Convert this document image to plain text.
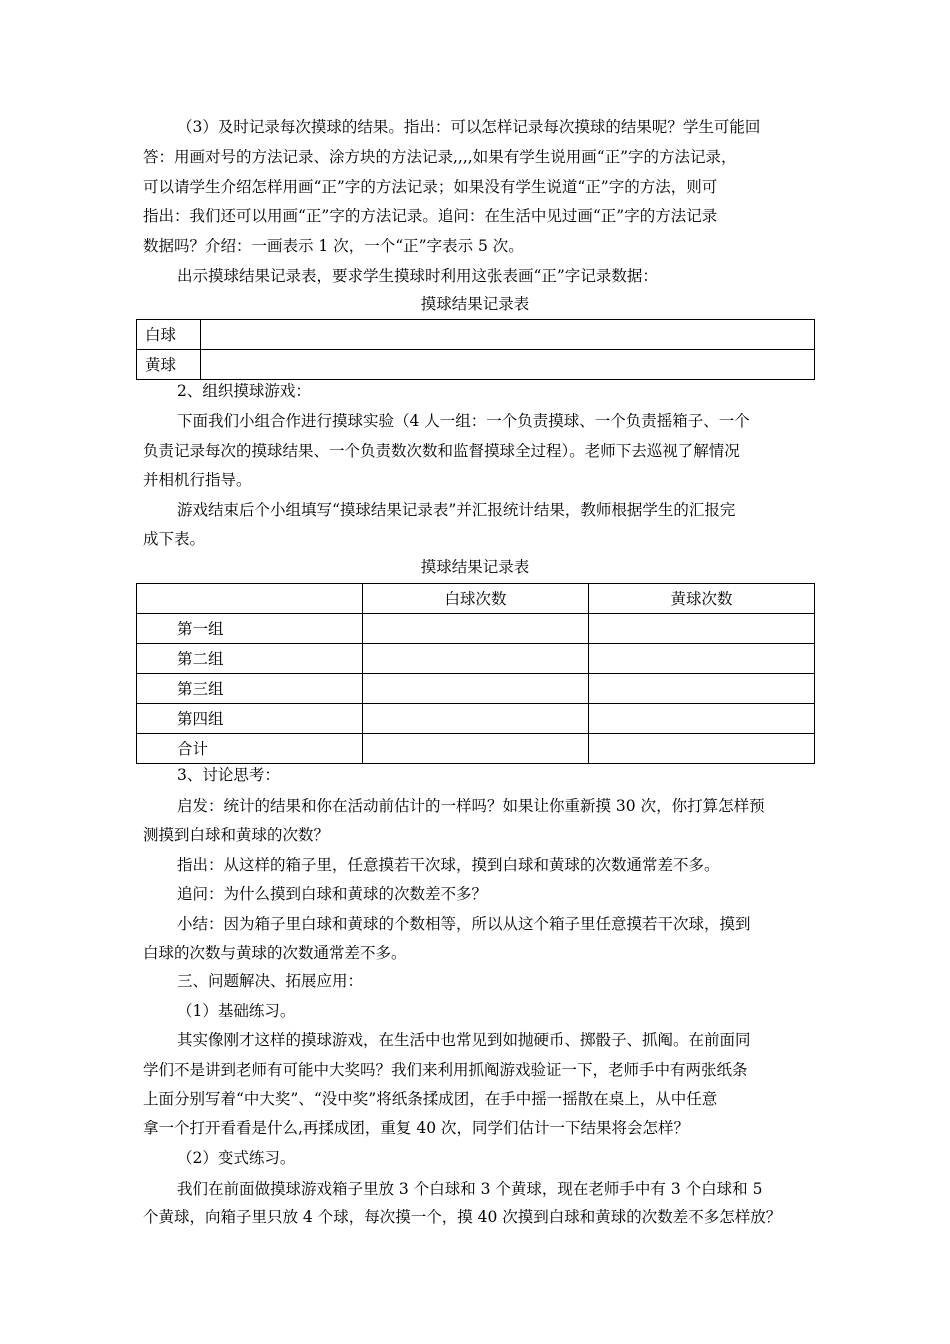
（3）及时记录每次摸球的结果。指出：可以怎样记录每次摸球的结果呢？学生可能回
答：用画对号的方法记录、涂方块的方法记录,,,,如果有学生说用画“正”字的方法记录，
可以请学生介绍怎样用画“正”字的方法记录；如果没有学生说道“正”字的方法，则可
指出：我们还可以用画“正”字的方法记录。追问：在生活中见过画“正”字的方法记录
数据吗？介绍：一画表示 1 次，一个“正”字表示 5 次。
出示摸球结果记录表，要求学生摸球时利用这张表画“正”字记录数据：
摸球结果记录表
白球	
黄球	
2、组织摸球游戏：
下面我们小组合作进行摸球实验（4 人一组：一个负责摸球、一个负责摇箱子、一个
负责记录每次的摸球结果、一个负责数次数和监督摸球全过程）。老师下去巡视了解情况
并相机行指导。
游戏结束后个小组填写“摸球结果记录表”并汇报统计结果，教师根据学生的汇报完
成下表。
摸球结果记录表
	白球次数	黄球次数
第一组		
第二组		
第三组		
第四组		
合计		
3、讨论思考：
启发：统计的结果和你在活动前估计的一样吗？如果让你重新摸 30 次，你打算怎样预
测摸到白球和黄球的次数？
指出：从这样的箱子里，任意摸若干次球，摸到白球和黄球的次数通常差不多。
追问：为什么摸到白球和黄球的次数差不多？
小结：因为箱子里白球和黄球的个数相等，所以从这个箱子里任意摸若干次球，摸到
白球的次数与黄球的次数通常差不多。
三、问题解决、拓展应用：
（1）基础练习。
其实像刚才这样的摸球游戏，在生活中也常见到如抛硬币、掷骰子、抓阄。在前面同
学们不是讲到老师有可能中大奖吗？我们来利用抓阄游戏验证一下，老师手中有两张纸条
上面分别写着“中大奖”、“没中奖”将纸条揉成团，在手中摇一摇散在桌上，从中任意
拿一个打开看看是什么,再揉成团，重复 40 次，同学们估计一下结果将会怎样？
（2）变式练习。
我们在前面做摸球游戏箱子里放 3 个白球和 3 个黄球，现在老师手中有 3 个白球和 5
个黄球，向箱子里只放 4 个球，每次摸一个，摸 40 次摸到白球和黄球的次数差不多怎样放？
